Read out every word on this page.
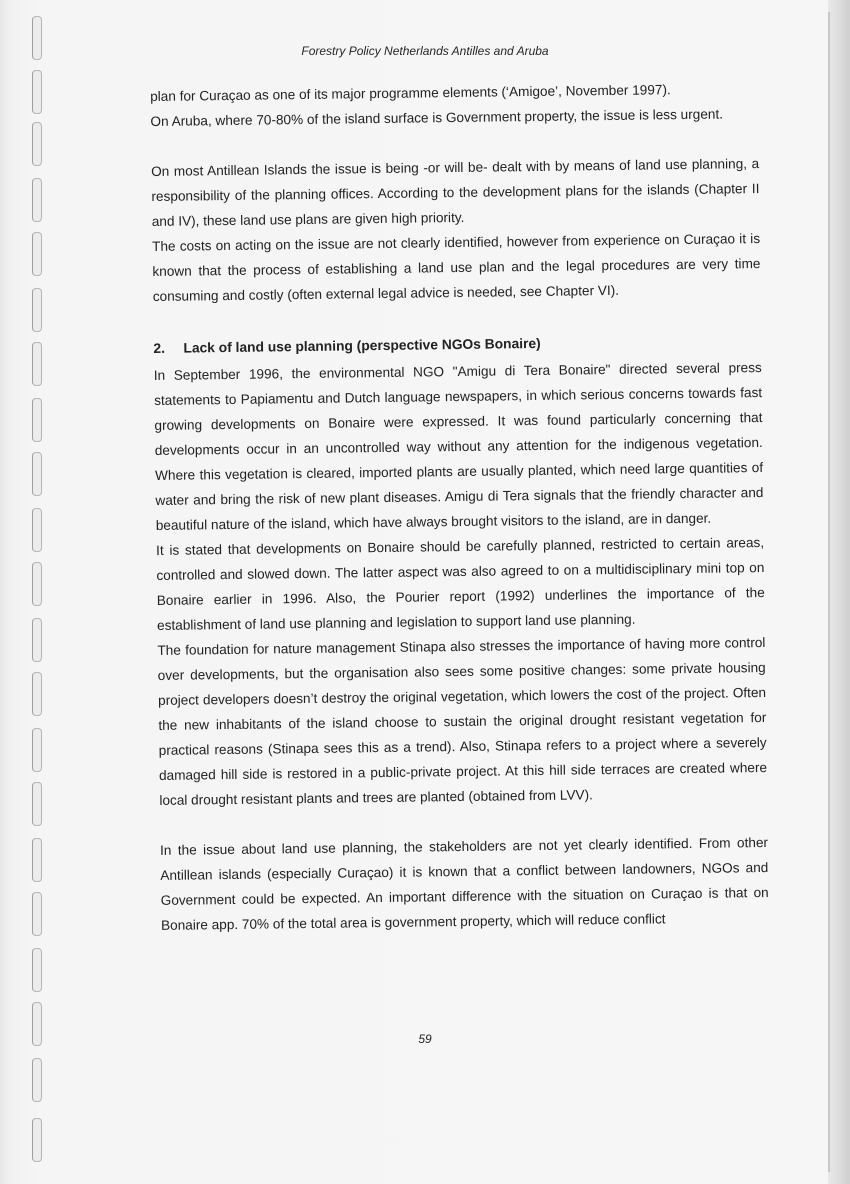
Forestry Policy Netherlands Antilles and Aruba

plan for Curaçao as one of its major programme elements (‘Amigoe’, November 1997).

On Aruba, where 70-80% of the island surface is Government property, the issue is less urgent.

On most Antillean Islands the issue is being -or will be- dealt with by means of land use planning, a responsibility of the planning offices. According to the development plans for the islands (Chapter II and IV), these land use plans are given high priority.

The costs on acting on the issue are not clearly identified, however from experience on Curaçao it is known that the process of establishing a land use plan and the legal procedures are very time consuming and costly (often external legal advice is needed, see Chapter VI).

2. Lack of land use planning (perspective NGOs Bonaire)

In September 1996, the environmental NGO "Amigu di Tera Bonaire" directed several press statements to Papiamentu and Dutch language newspapers, in which serious concerns towards fast growing developments on Bonaire were expressed. It was found particularly concerning that developments occur in an uncontrolled way without any attention for the indigenous vegetation. Where this vegetation is cleared, imported plants are usually planted, which need large quantities of water and bring the risk of new plant diseases. Amigu di Tera signals that the friendly character and beautiful nature of the island, which have always brought visitors to the island, are in danger.

It is stated that developments on Bonaire should be carefully planned, restricted to certain areas, controlled and slowed down. The latter aspect was also agreed to on a multidisciplinary mini top on Bonaire earlier in 1996. Also, the Pourier report (1992) underlines the importance of the establishment of land use planning and legislation to support land use planning.

The foundation for nature management Stinapa also stresses the importance of having more control over developments, but the organisation also sees some positive changes: some private housing project developers doesn’t destroy the original vegetation, which lowers the cost of the project. Often the new inhabitants of the island choose to sustain the original drought resistant vegetation for practical reasons (Stinapa sees this as a trend). Also, Stinapa refers to a project where a severely damaged hill side is restored in a public-private project. At this hill side terraces are created where local drought resistant plants and trees are planted (obtained from LVV).

In the issue about land use planning, the stakeholders are not yet clearly identified. From other Antillean islands (especially Curaçao) it is known that a conflict between landowners, NGOs and Government could be expected. An important difference with the situation on Curaçao is that on Bonaire app. 70% of the total area is government property, which will reduce conflict

59
